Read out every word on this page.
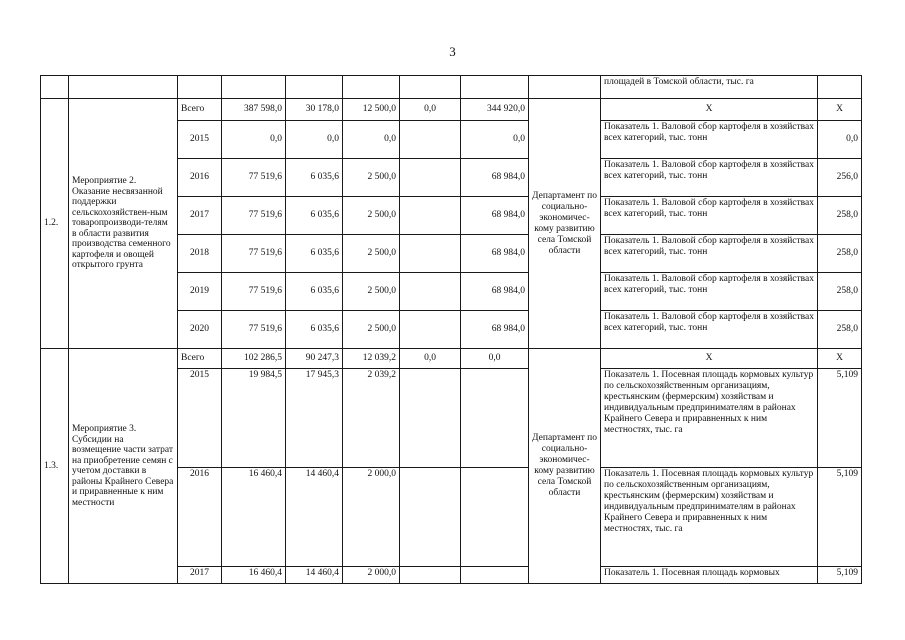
3
									площадей в Томской области, тыс. га	
1.2.	Мероприятие 2. Оказание несвязанной поддержки сельскохозяйствен-ным товаропроизводи-телям в области развития производства семенного картофеля и овощей открытого грунта	Всего	387 598,0	30 178,0	12 500,0	0,0	344 920,0	Департамент по социально-экономичес-кому развитию села Томской области	X	X
		2015	0,0	0,0	0,0		0,0		Показатель 1. Валовой сбор картофеля в хозяйствах всех категорий, тыс. тонн	0,0
		2016	77 519,6	6 035,6	2 500,0		68 984,0		Показатель 1. Валовой сбор картофеля в хозяйствах всех категорий, тыс. тонн	256,0
		2017	77 519,6	6 035,6	2 500,0		68 984,0		Показатель 1. Валовой сбор картофеля в хозяйствах всех категорий, тыс. тонн	258,0
		2018	77 519,6	6 035,6	2 500,0		68 984,0		Показатель 1. Валовой сбор картофеля в хозяйствах всех категорий, тыс. тонн	258,0
		2019	77 519,6	6 035,6	2 500,0		68 984,0		Показатель 1. Валовой сбор картофеля в хозяйствах всех категорий, тыс. тонн	258,0
		2020	77 519,6	6 035,6	2 500,0		68 984,0		Показатель 1. Валовой сбор картофеля в хозяйствах всех категорий, тыс. тонн	258,0
1.3.	Мероприятие 3. Субсидии на возмещение части затрат на приобретение семян с учетом доставки в районы Крайнего Севера и приравненные к ним местности	Всего	102 286,5	90 247,3	12 039,2	0,0	0,0	Департамент по социально-экономичес-кому развитию села Томской области	X	X
		2015	19 984,5	17 945,3	2 039,2				Показатель 1. Посевная площадь кормовых культур по сельскохозяйственным организациям, крестьянским (фермерским) хозяйствам и индивидуальным предпринимателям в районах Крайнего Севера и приравненных к ним местностях, тыс. га	5,109
		2016	16 460,4	14 460,4	2 000,0				Показатель 1. Посевная площадь кормовых культур по сельскохозяйственным организациям, крестьянским (фермерским) хозяйствам и индивидуальным предпринимателям в районах Крайнего Севера и приравненных к ним местностях, тыс. га	5,109
		2017	16 460,4	14 460,4	2 000,0				Показатель 1. Посевная площадь кормовых	5,109
